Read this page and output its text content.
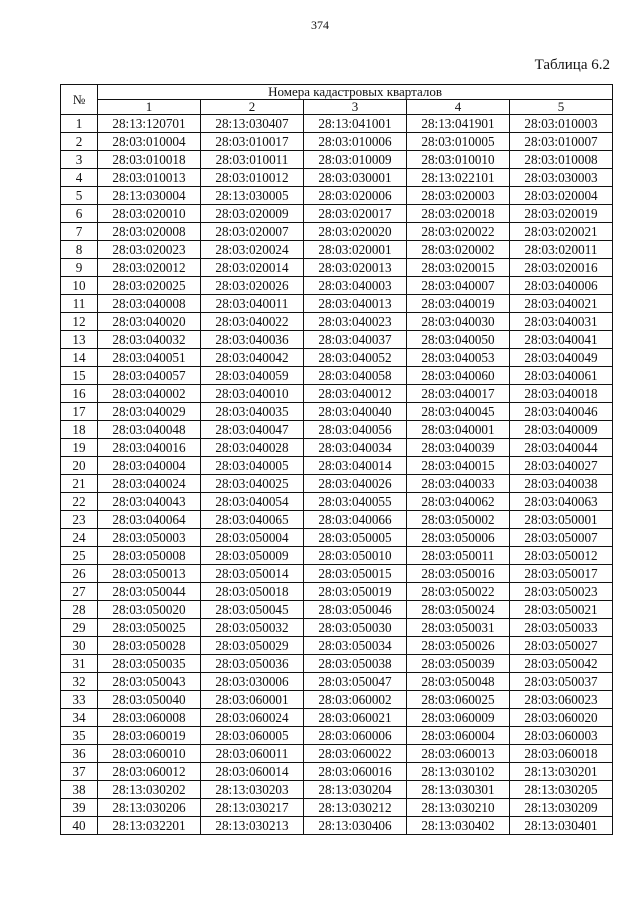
374
Таблица 6.2
№	Номера кадастровых кварталов				
	1	2	3	4	5
1	28:13:120701	28:13:030407	28:13:041001	28:13:041901	28:03:010003
2	28:03:010004	28:03:010017	28:03:010006	28:03:010005	28:03:010007
3	28:03:010018	28:03:010011	28:03:010009	28:03:010010	28:03:010008
4	28:03:010013	28:03:010012	28:03:030001	28:13:022101	28:03:030003
5	28:13:030004	28:13:030005	28:03:020006	28:03:020003	28:03:020004
6	28:03:020010	28:03:020009	28:03:020017	28:03:020018	28:03:020019
7	28:03:020008	28:03:020007	28:03:020020	28:03:020022	28:03:020021
8	28:03:020023	28:03:020024	28:03:020001	28:03:020002	28:03:020011
9	28:03:020012	28:03:020014	28:03:020013	28:03:020015	28:03:020016
10	28:03:020025	28:03:020026	28:03:040003	28:03:040007	28:03:040006
11	28:03:040008	28:03:040011	28:03:040013	28:03:040019	28:03:040021
12	28:03:040020	28:03:040022	28:03:040023	28:03:040030	28:03:040031
13	28:03:040032	28:03:040036	28:03:040037	28:03:040050	28:03:040041
14	28:03:040051	28:03:040042	28:03:040052	28:03:040053	28:03:040049
15	28:03:040057	28:03:040059	28:03:040058	28:03:040060	28:03:040061
16	28:03:040002	28:03:040010	28:03:040012	28:03:040017	28:03:040018
17	28:03:040029	28:03:040035	28:03:040040	28:03:040045	28:03:040046
18	28:03:040048	28:03:040047	28:03:040056	28:03:040001	28:03:040009
19	28:03:040016	28:03:040028	28:03:040034	28:03:040039	28:03:040044
20	28:03:040004	28:03:040005	28:03:040014	28:03:040015	28:03:040027
21	28:03:040024	28:03:040025	28:03:040026	28:03:040033	28:03:040038
22	28:03:040043	28:03:040054	28:03:040055	28:03:040062	28:03:040063
23	28:03:040064	28:03:040065	28:03:040066	28:03:050002	28:03:050001
24	28:03:050003	28:03:050004	28:03:050005	28:03:050006	28:03:050007
25	28:03:050008	28:03:050009	28:03:050010	28:03:050011	28:03:050012
26	28:03:050013	28:03:050014	28:03:050015	28:03:050016	28:03:050017
27	28:03:050044	28:03:050018	28:03:050019	28:03:050022	28:03:050023
28	28:03:050020	28:03:050045	28:03:050046	28:03:050024	28:03:050021
29	28:03:050025	28:03:050032	28:03:050030	28:03:050031	28:03:050033
30	28:03:050028	28:03:050029	28:03:050034	28:03:050026	28:03:050027
31	28:03:050035	28:03:050036	28:03:050038	28:03:050039	28:03:050042
32	28:03:050043	28:03:030006	28:03:050047	28:03:050048	28:03:050037
33	28:03:050040	28:03:060001	28:03:060002	28:03:060025	28:03:060023
34	28:03:060008	28:03:060024	28:03:060021	28:03:060009	28:03:060020
35	28:03:060019	28:03:060005	28:03:060006	28:03:060004	28:03:060003
36	28:03:060010	28:03:060011	28:03:060022	28:03:060013	28:03:060018
37	28:03:060012	28:03:060014	28:03:060016	28:13:030102	28:13:030201
38	28:13:030202	28:13:030203	28:13:030204	28:13:030301	28:13:030205
39	28:13:030206	28:13:030217	28:13:030212	28:13:030210	28:13:030209
40	28:13:032201	28:13:030213	28:13:030406	28:13:030402	28:13:030401
